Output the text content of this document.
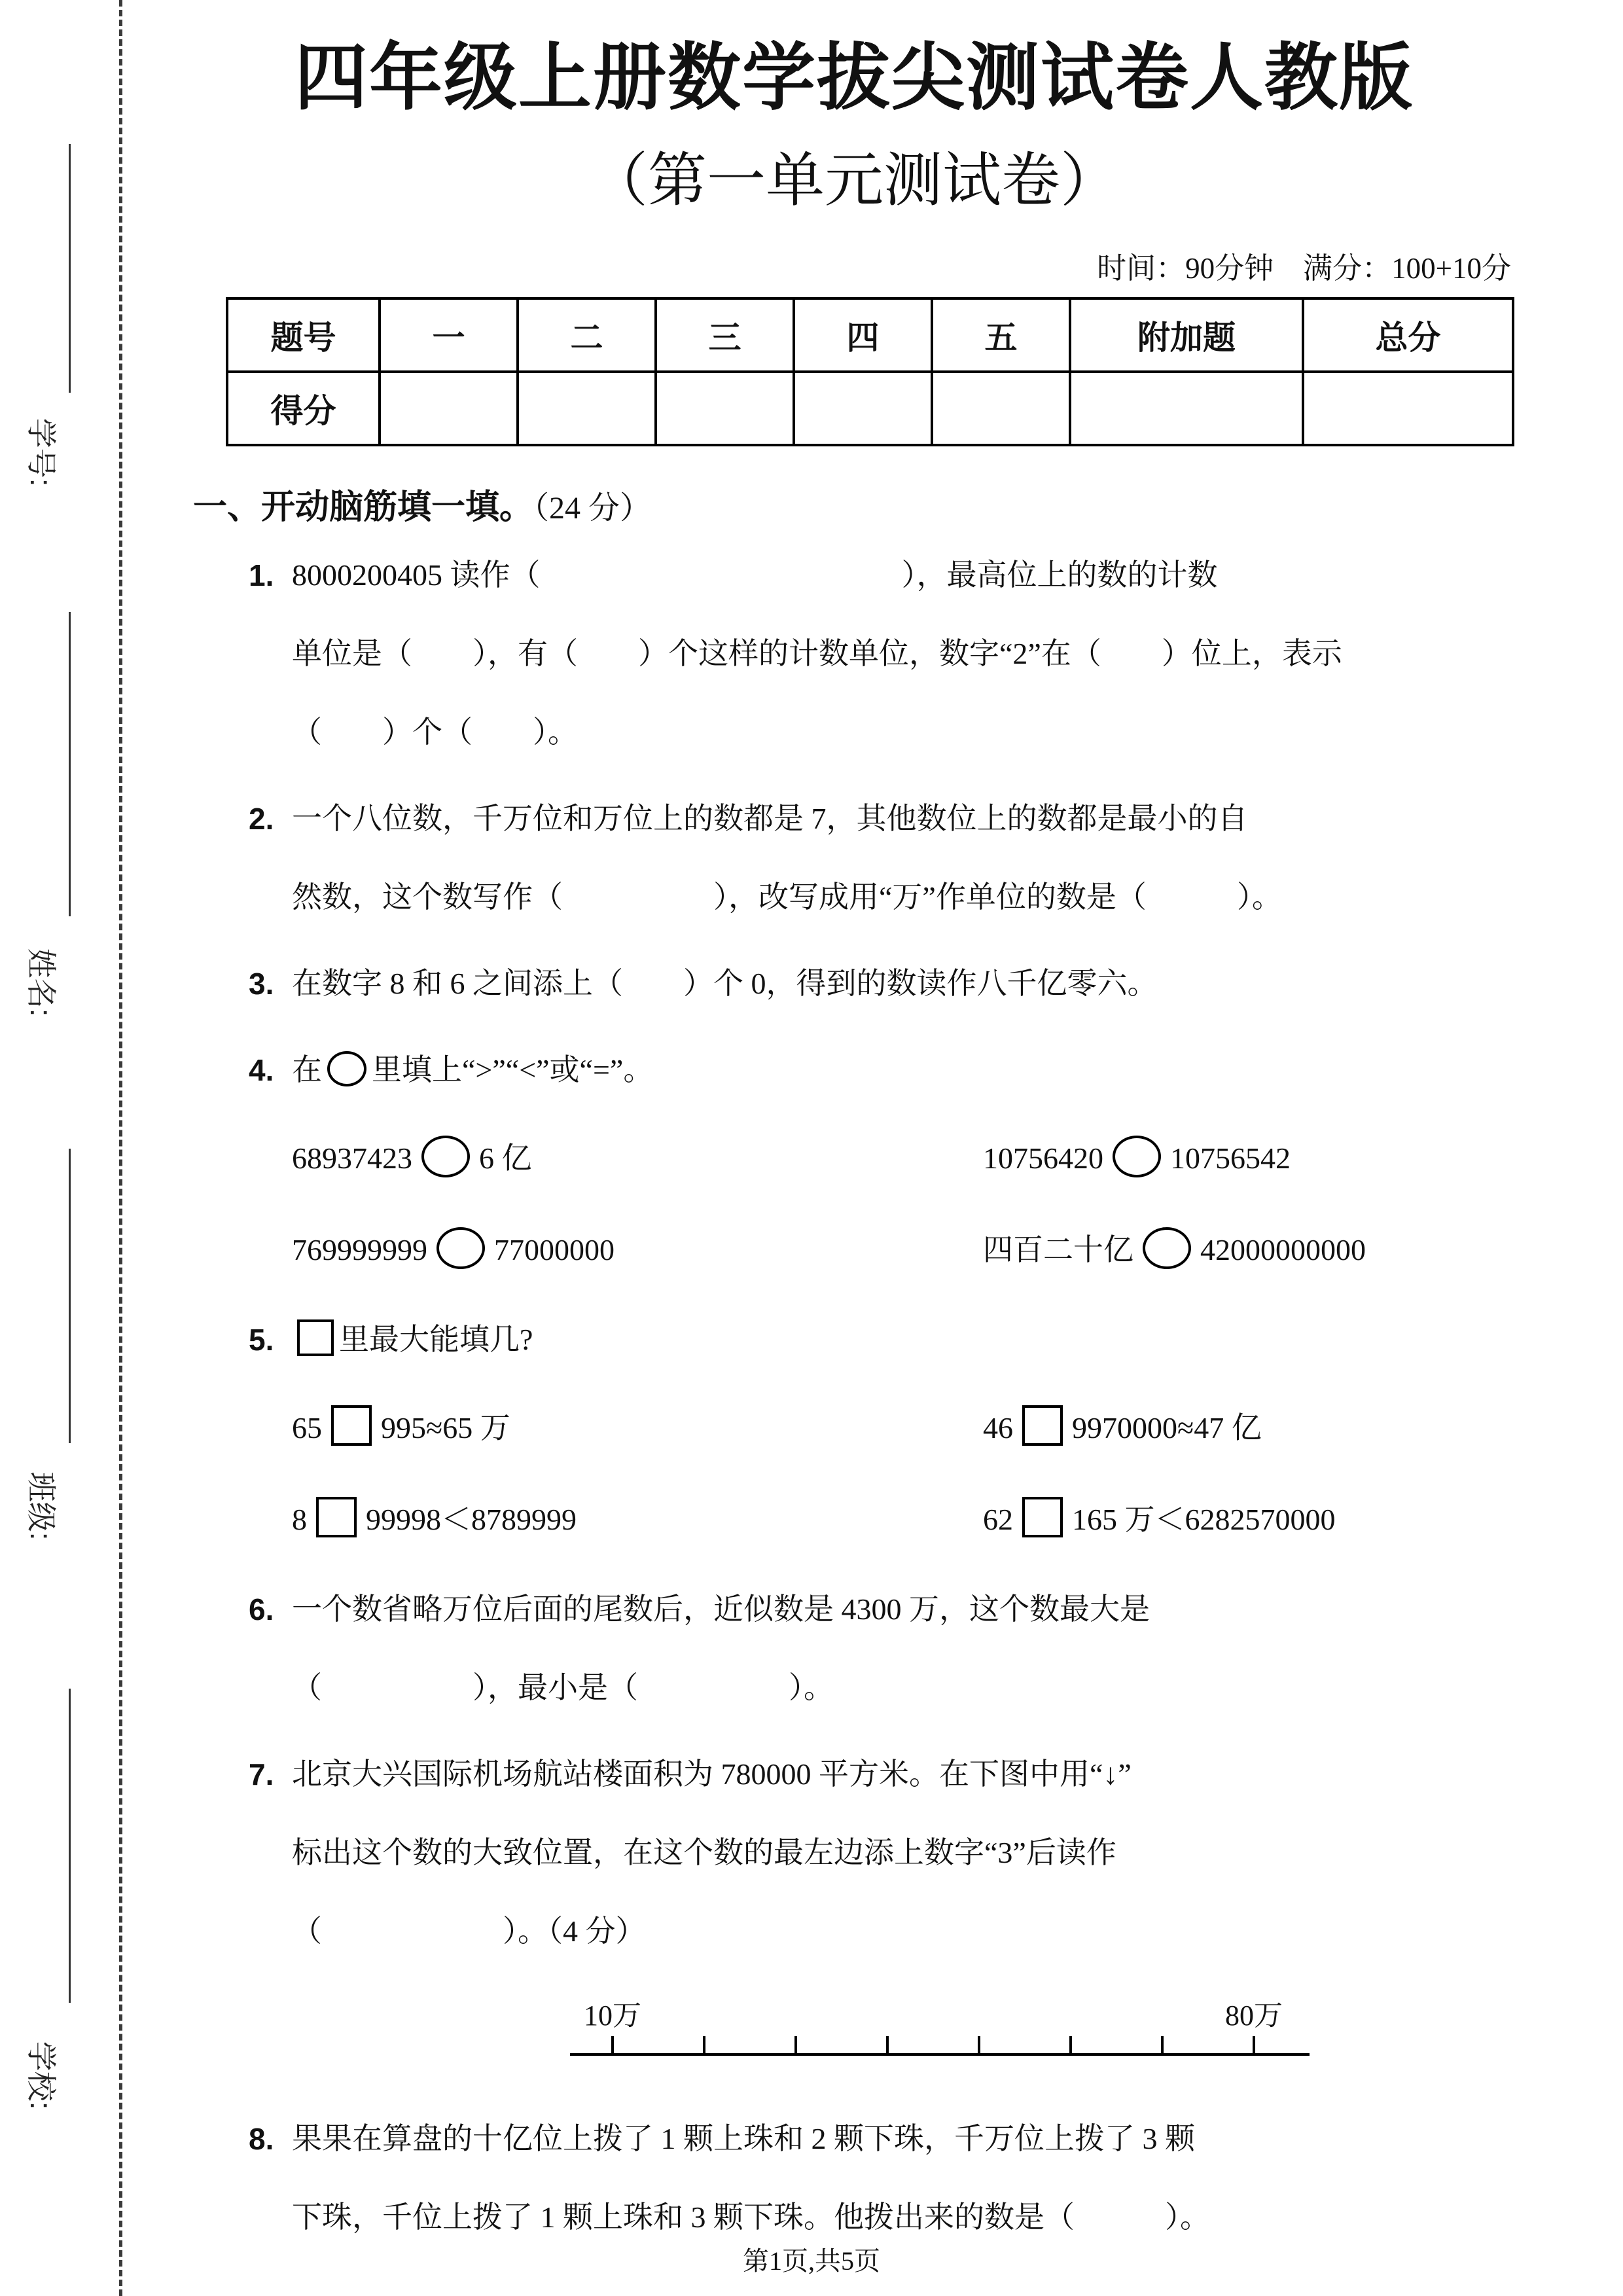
学号:
姓名:
班级:
学校:
四年级上册数学拔尖测试卷人教版
（第一单元测试卷）
时间：90分钟　满分：100+10分
题号	一	二	三	四	五	附加题	总分
得分							
一、开动脑筋填一填。（24 分）
1. 8000200405 读作（　　　　　　　　　　　　），最高位上的数的计数
单位是（　　），有（　　）个这样的计数单位，数字“2”在（　　）位上，表示
（　　）个（　　）。
2. 一个八位数，千万位和万位上的数都是 7，其他数位上的数都是最小的自
然数，这个数写作（　　　　　），改写成用“万”作单位的数是（　　　）。
3. 在数字 8 和 6 之间添上（　　）个 0，得到的数读作八千亿零六。
4. 在 里填上“>”“<”或“=”。
68937423 6 亿	10756420 10756542
769999999 77000000	四百二十亿 42000000000
5.	里最大能填几?
65 995≈65 万	46 9970000≈47 亿
8 99998＜8789999	62 165 万＜6282570000
6. 一个数省略万位后面的尾数后，近似数是 4300 万，这个数最大是
（　　　　　），最小是（　　　　　）。
7. 北京大兴国际机场航站楼面积为 780000 平方米。在下图中用“↓”
标出这个数的大致位置，在这个数的最左边添上数字“3”后读作
（　　　　　　）。（4 分）
10万	80万
8. 果果在算盘的十亿位上拨了 1 颗上珠和 2 颗下珠，千万位上拨了 3 颗
下珠，千位上拨了 1 颗上珠和 3 颗下珠。他拨出来的数是（　　　）。
第1页,共5页
